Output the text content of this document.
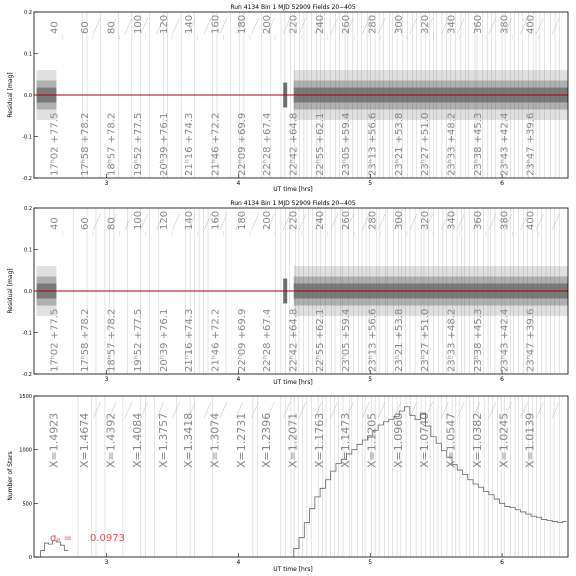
Run 4134 Bin 1 MJD 52909 Fields 20−405
3	4	5	6
-0.2
-0.1
0.0
0.1
0.2
40
:
17ʰ02 +77.5
60
:
17ʰ58 +78.2
80
:
18ʰ57 +78.2
100
:
19ʰ52 +77.5
120
:
20ʰ39 +76.1
140
:
21ʰ16 +74.3
160
:
21ʰ46 +72.2
180
:
22ʰ09 +69.9
200
:
22ʰ28 +67.4
220
:
22ʰ42 +64.8
240
:
22ʰ55 +62.1
260
:
23ʰ05 +59.4
280
:
23ʰ13 +56.6
300
:
23ʰ21 +53.8
320
:
23ʰ27 +51.0
340
:
23ʰ33 +48.2
360
:
23ʰ38 +45.3
380
:
23ʰ43 +42.4
400
:
23ʰ47 +39.6
Residual [mag]
UT time [hrs]
Run 4134 Bin 1 MJD 52909 Fields 20−405
3	4	5	6
-0.2
-0.1
0.0
0.1
0.2
40
:
17ʰ02 +77.5
60
:
17ʰ58 +78.2
80
:
18ʰ57 +78.2
100
:
19ʰ52 +77.5
120
:
20ʰ39 +76.1
140
:
21ʰ16 +74.3
160
:
21ʰ46 +72.2
180
:
22ʰ09 +69.9
200
:
22ʰ28 +67.4
220
:
22ʰ42 +64.8
240
:
22ʰ55 +62.1
260
:
23ʰ05 +59.4
280
:
23ʰ13 +56.6
300
:
23ʰ21 +53.8
320
:
23ʰ27 +51.0
340
:
23ʰ33 +48.2
360
:
23ʰ38 +45.3
380
:
23ʰ43 +42.4
400
:
23ʰ47 +39.6
Residual [mag]
UT time [hrs]
3	4	5	6
0
500
1000
1500
X=1.4923 X=1.4674 X=1.4392 X=1.4084 X=1.3757 X=1.3418 X=1.3074 X=1.2731 X=1.2396 X=1.2071 X=1.1763 X=1.1473 X=1.1205 X=1.0960 X=1.0740 X=1.0547 X=1.0382 X=1.0245 X=1.0139
Number of Stars
UT time [hrs]
σₒ = 0.0973
